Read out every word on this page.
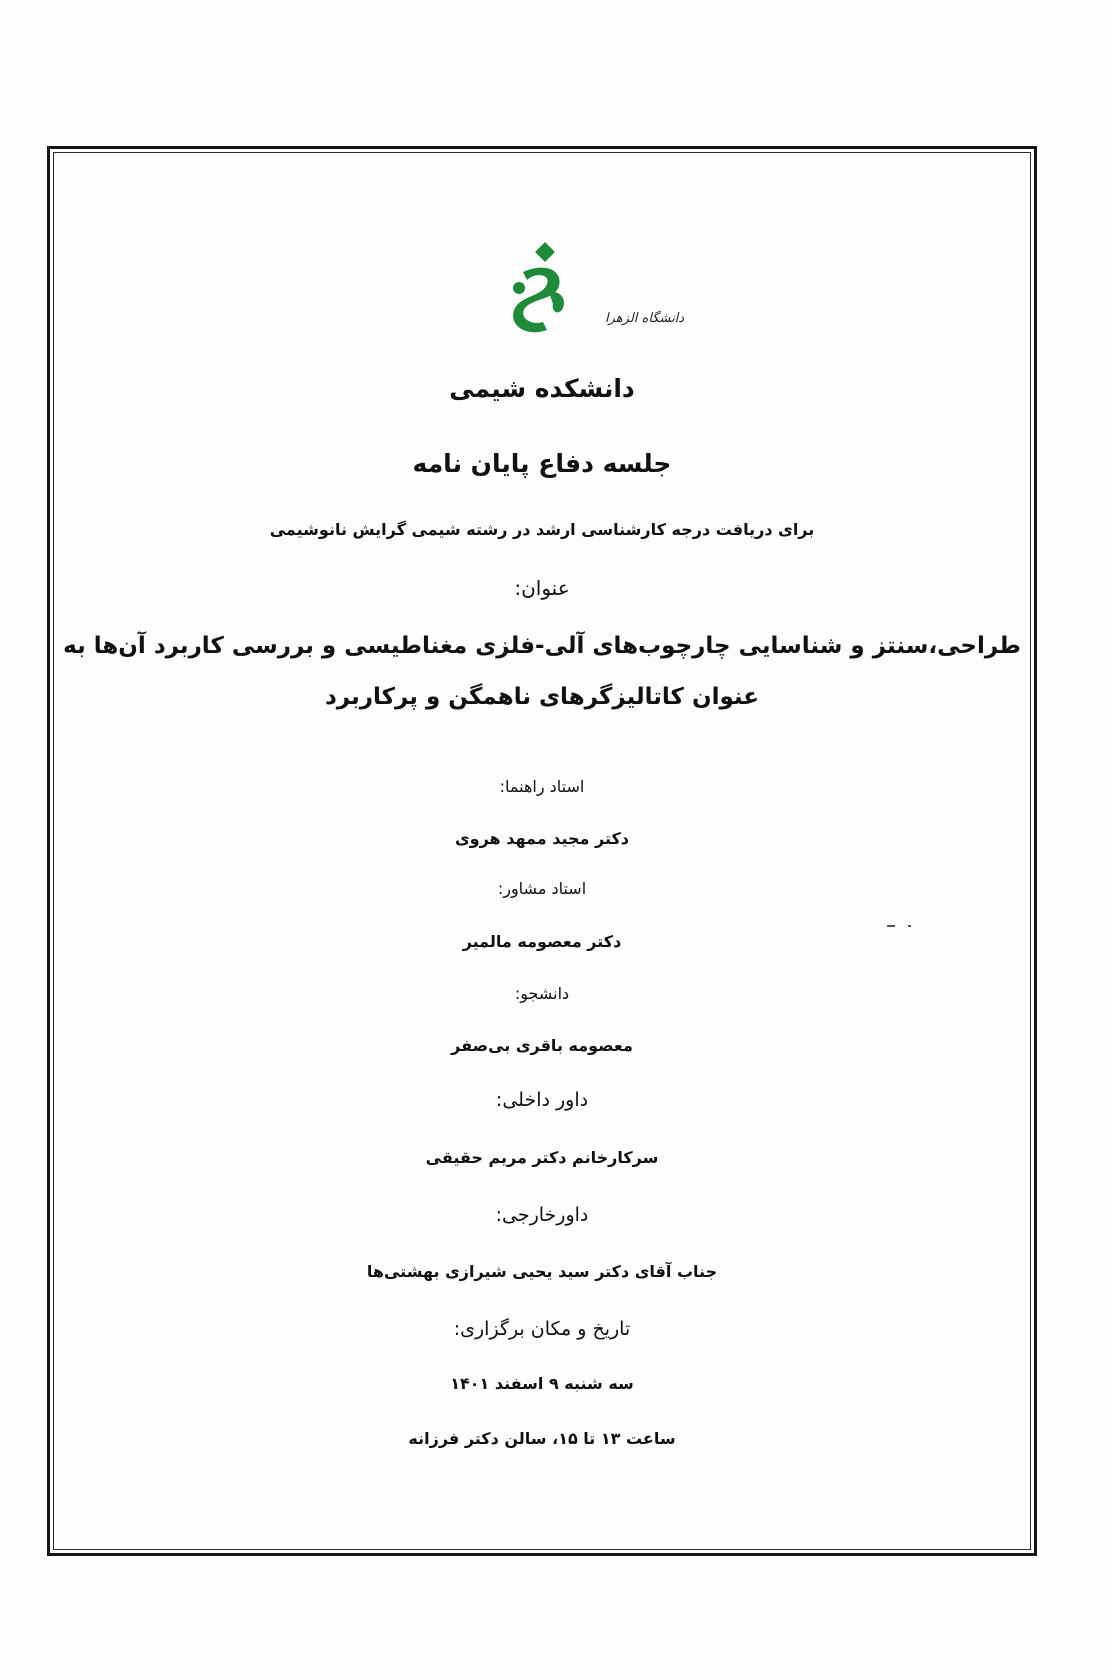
دانشگاه الزهرا
دانشکده شیمی
جلسه دفاع پایان نامه
برای دریافت درجه کارشناسی ارشد در رشته شیمی گرایش نانوشیمی
عنوان:
طراحی،سنتز و شناسایی چارچوب‌های آلی-فلزی مغناطیسی و بررسی کاربرد آن‌ها به
عنوان کاتالیزگرهای ناهمگن و پرکاربرد
استاد راهنما:
دکتر مجید ممهد هروی
استاد مشاور:
دکتر معصومه مالمیر
دانشجو:
معصومه باقری بی‌صفر
داور داخلی:
سرکارخانم دکتر مریم حقیقی
داورخارجی:
جناب آقای دکتر سید یحیی شیرازی بهشتی‌ها
تاریخ و مکان برگزاری:
سه شنبه ۹ اسفند ۱۴۰۱
ساعت ۱۳ تا ۱۵، سالن دکتر فرزانه
